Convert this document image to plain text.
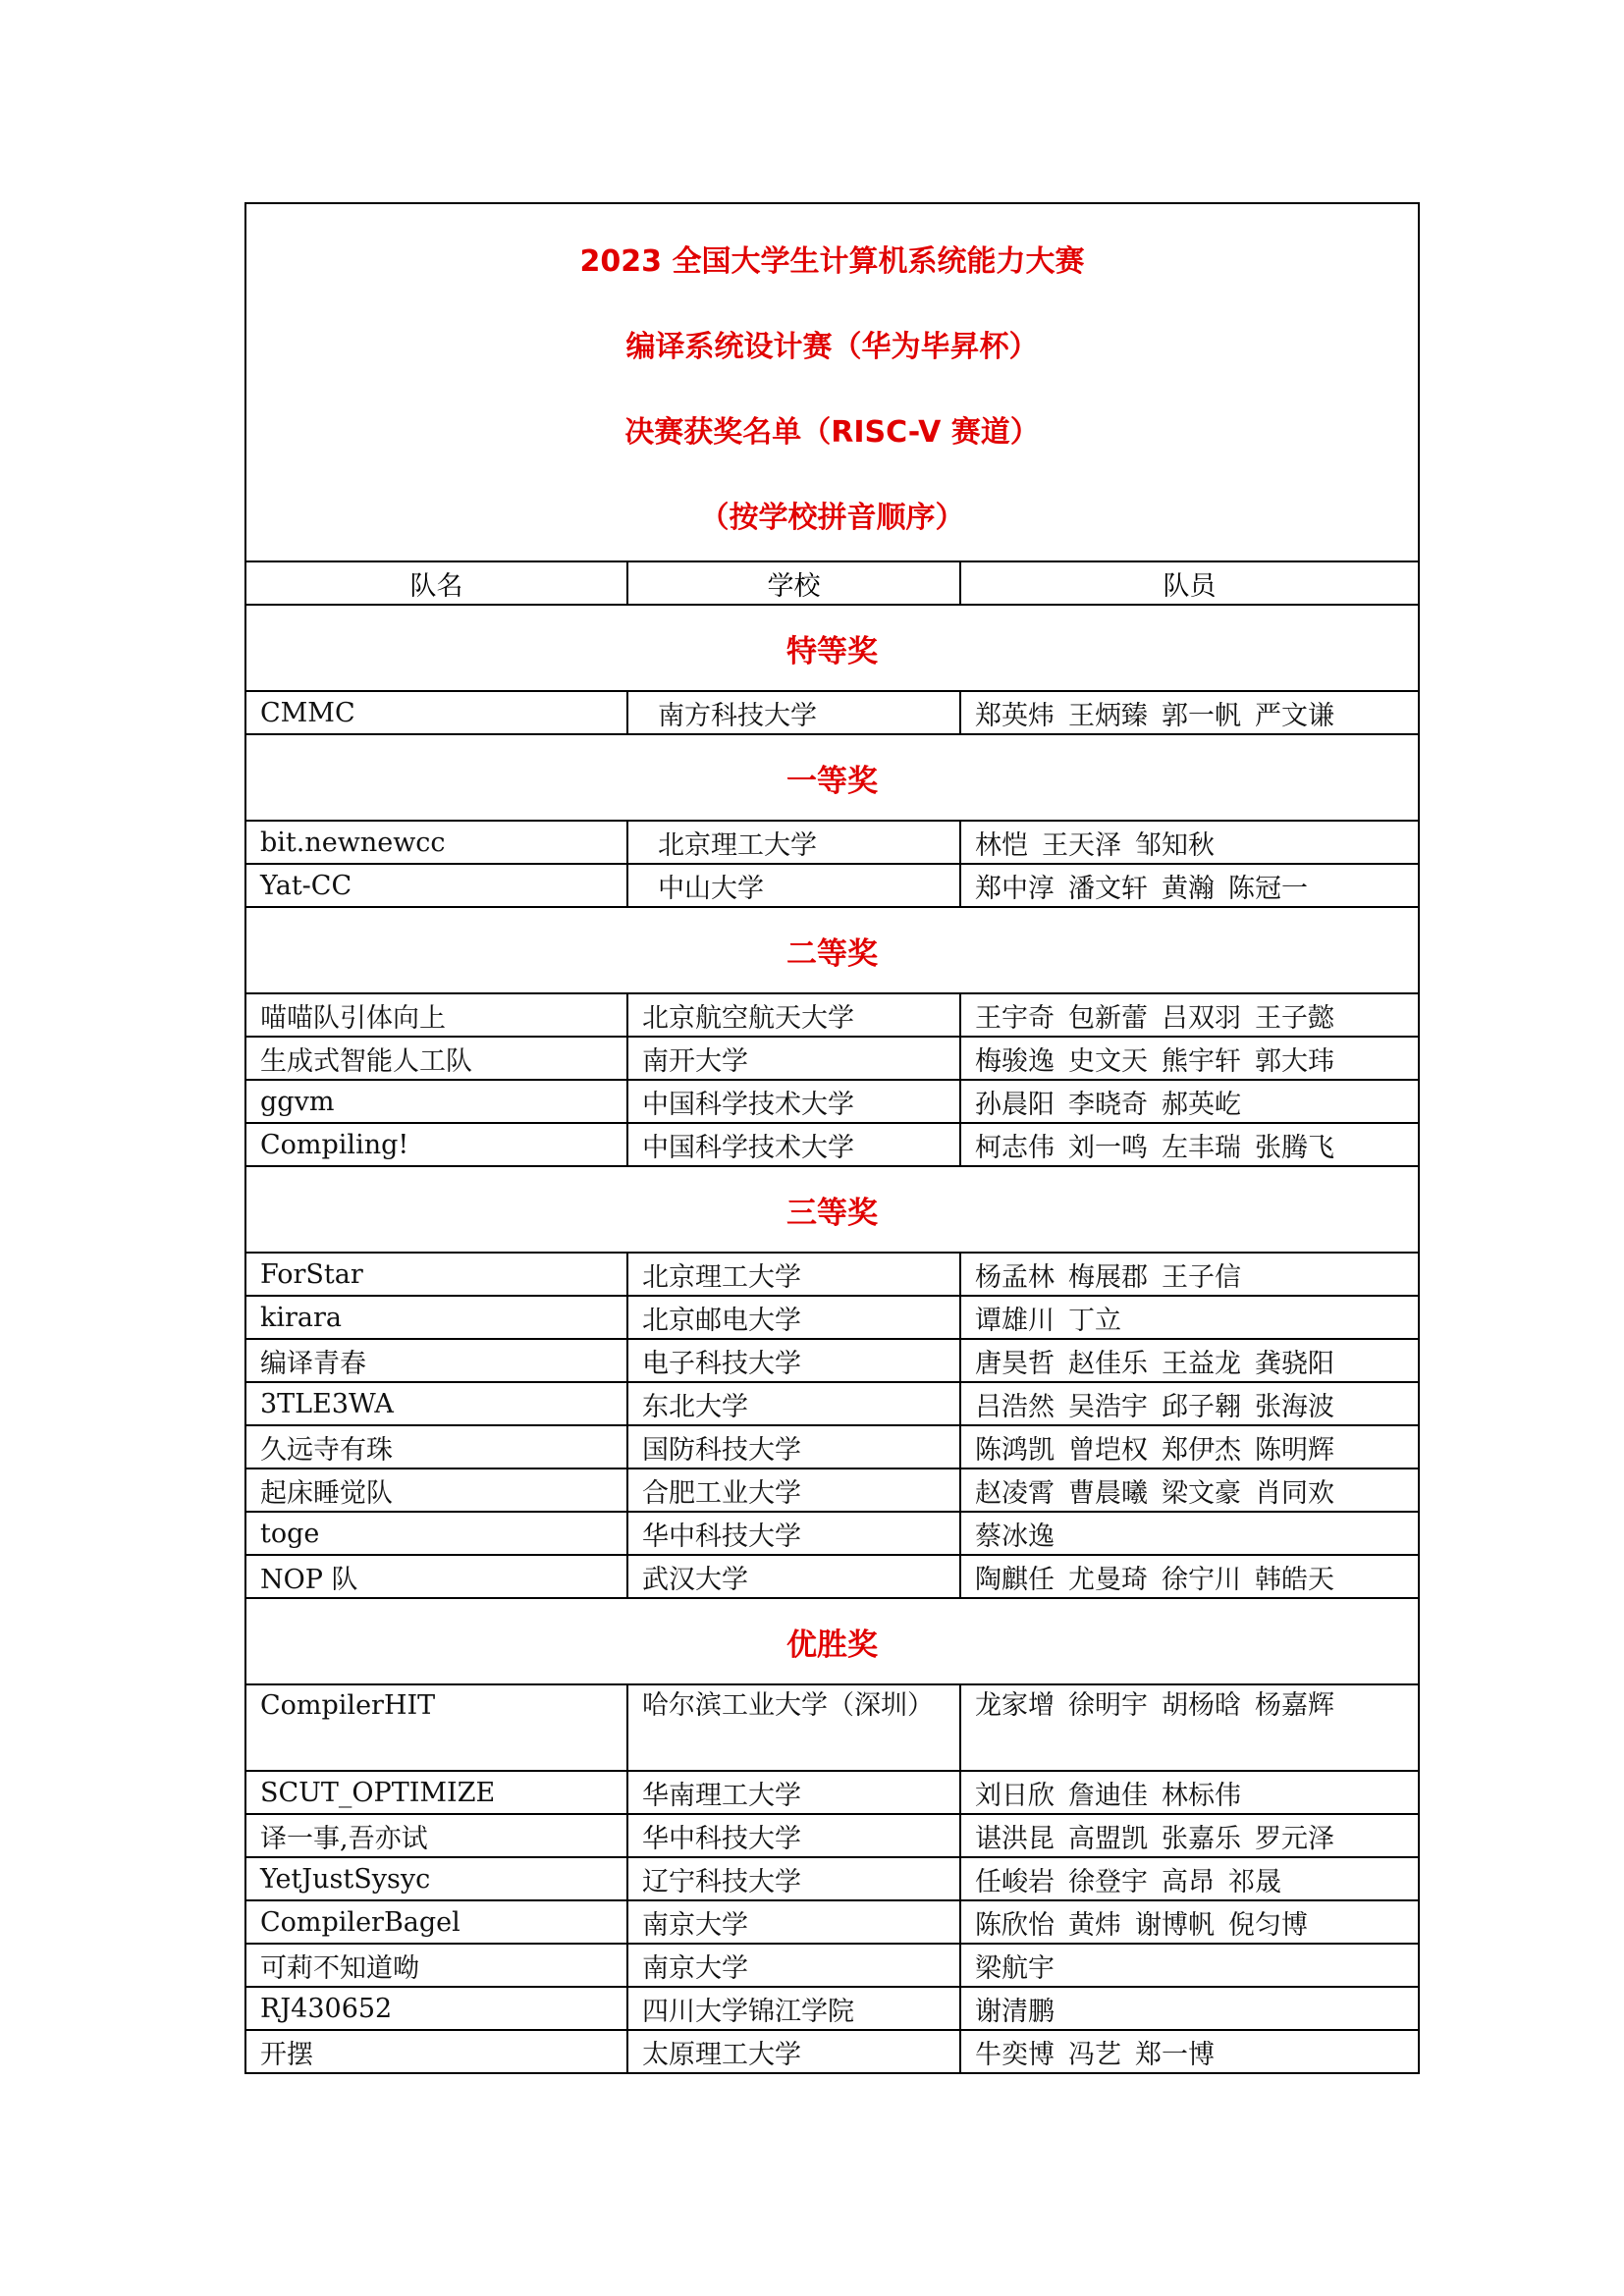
2023 全国大学生计算机系统能力大赛
编译系统设计赛（华为毕昇杯）
决赛获奖名单（RISC-V 赛道）
（按学校拼音顺序）		

队名	学校	队员
特等奖		
CMMC	南方科技大学	郑英炜 王炳臻 郭一帆 严文谦
一等奖		
bit.newnewcc	北京理工大学	林恺 王天泽 邹知秋
Yat-CC	中山大学	郑中淳 潘文轩 黄瀚 陈冠一
二等奖		
喵喵队引体向上	北京航空航天大学	王宇奇 包新蕾 吕双羽 王子懿
生成式智能人工队	南开大学	梅骏逸 史文天 熊宇轩 郭大玮
ggvm	中国科学技术大学	孙晨阳 李晓奇 郝英屹
Compiling!	中国科学技术大学	柯志伟 刘一鸣 左丰瑞 张腾飞
三等奖		
ForStar	北京理工大学	杨孟林 梅展郡 王子信
kirara	北京邮电大学	谭雄川 丁立
编译青春	电子科技大学	唐昊哲 赵佳乐 王益龙 龚骁阳
3TLE3WA	东北大学	吕浩然 吴浩宇 邱子翱 张海波
久远寺有珠	国防科技大学	陈鸿凯 曾垲权 郑伊杰 陈明辉
起床睡觉队	合肥工业大学	赵凌霄 曹晨曦 梁文豪 肖同欢
toge	华中科技大学	蔡冰逸
NOP 队	武汉大学	陶麒任 尤曼琦 徐宁川 韩皓天
优胜奖		
CompilerHIT	哈尔滨工业大学（深圳）	龙家增 徐明宇 胡杨晗 杨嘉辉
SCUT_OPTIMIZE	华南理工大学	刘日欣 詹迪佳 林标伟
译一事,吾亦试	华中科技大学	谌洪昆 高盟凯 张嘉乐 罗元泽
YetJustSysyc	辽宁科技大学	任峻岩 徐登宇 高昂 祁晟
CompilerBagel	南京大学	陈欣怡 黄炜 谢博帆 倪匀博
可莉不知道呦	南京大学	梁航宇
RJ430652	四川大学锦江学院	谢清鹏
开摆	太原理工大学	牛奕博 冯艺 郑一博
